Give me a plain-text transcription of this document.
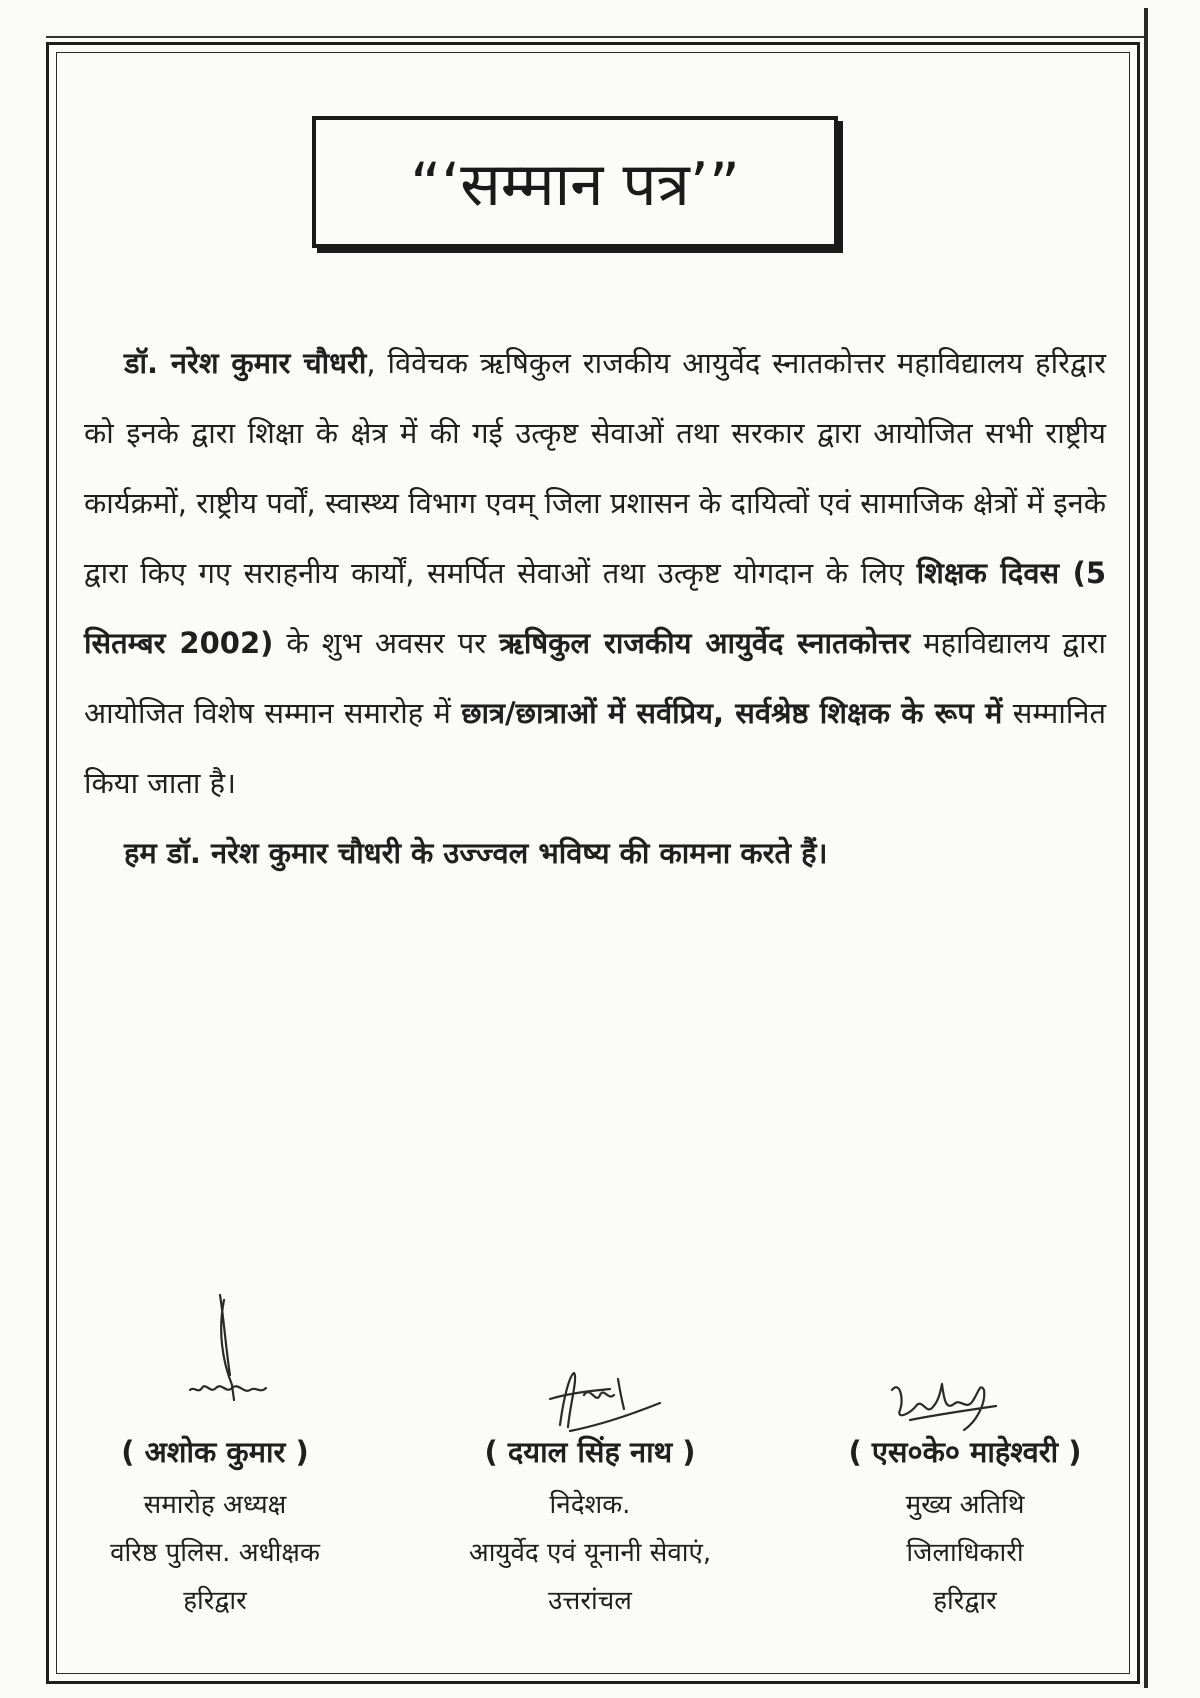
“‘सम्मान पत्र’”

डॉ. नरेश कुमार चौधरी, विवेचक ऋषिकुल राजकीय आयुर्वेद स्नातकोत्तर महाविद्यालय हरिद्वार को इनके द्वारा शिक्षा के क्षेत्र में की गई उत्कृष्ट सेवाओं तथा सरकार द्वारा आयोजित सभी राष्ट्रीय कार्यक्रमों, राष्ट्रीय पर्वों, स्वास्थ्य विभाग एवम् जिला प्रशासन के दायित्वों एवं सामाजिक क्षेत्रों में इनके द्वारा किए गए सराहनीय कार्यों, समर्पित सेवाओं तथा उत्कृष्ट योगदान के लिए शिक्षक दिवस (5 सितम्बर 2002) के शुभ अवसर पर ऋषिकुल राजकीय आयुर्वेद स्नातकोत्तर महाविद्यालय द्वारा आयोजित विशेष सम्मान समारोह में छात्र/छात्राओं में सर्वप्रिय, सर्वश्रेष्ठ शिक्षक के रूप में सम्मानित किया जाता है।

हम डॉ. नरेश कुमार चौधरी के उज्ज्वल भविष्य की कामना करते हैं।

( अशोक कुमार )
समारोह अध्यक्ष
वरिष्ठ पुलिस. अधीक्षक
हरिद्वार
( दयाल सिंह नाथ )
निदेशक.
आयुर्वेद एवं यूनानी सेवाएं,
उत्तरांचल
( एस०के० माहेश्वरी )
मुख्य अतिथि
जिलाधिकारी
हरिद्वार
